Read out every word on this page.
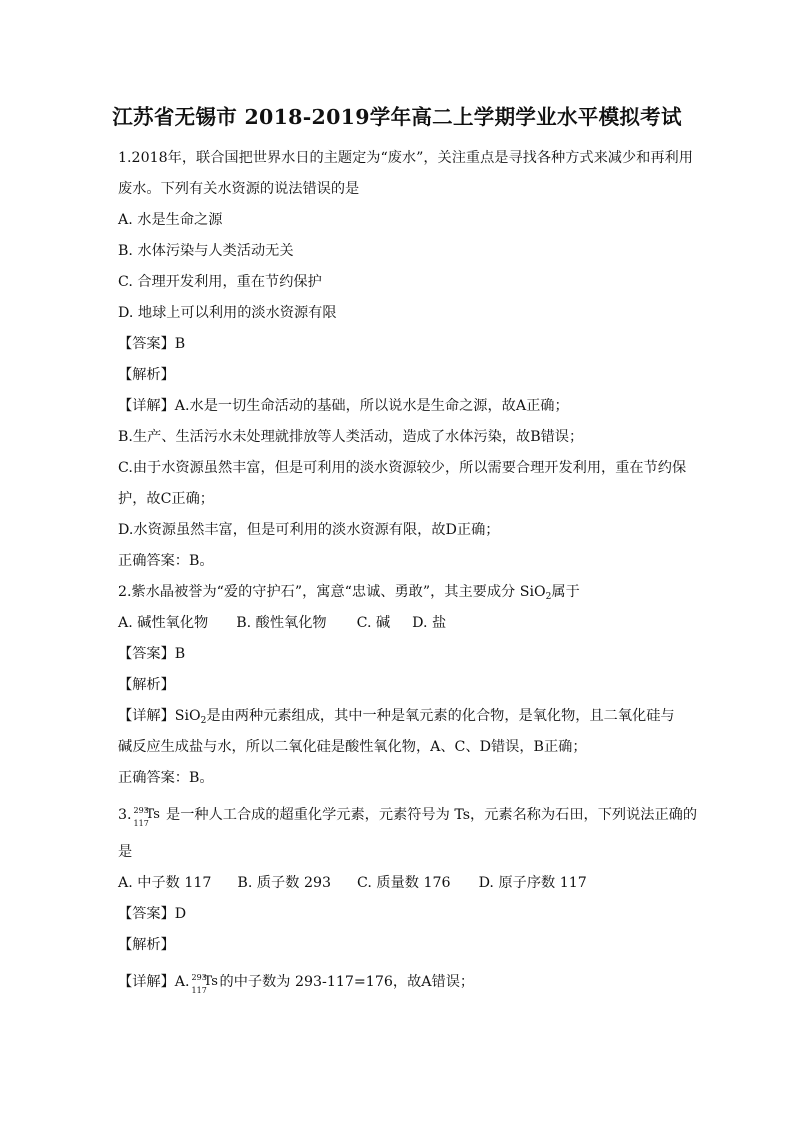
江苏省无锡市 2018-2019学年高二上学期学业水平模拟考试
1.2018年，联合国把世界水日的主题定为“废水”，关注重点是寻找各种方式来减少和再利用
废水。下列有关水资源的说法错误的是
A. 水是生命之源
B. 水体污染与人类活动无关
C. 合理开发利用，重在节约保护
D. 地球上可以利用的淡水资源有限
【答案】B
【解析】
【详解】A.水是一切生命活动的基础，所以说水是生命之源，故A正确；
B.生产、生活污水未处理就排放等人类活动，造成了水体污染，故B错误；
C.由于水资源虽然丰富，但是可利用的淡水资源较少，所以需要合理开发利用，重在节约保
护，故C正确；
D.水资源虽然丰富，但是可利用的淡水资源有限，故D正确；
正确答案：B。
2.紫水晶被誉为“爱的守护石”，寓意“忠诚、勇敢”，其主要成分 SiO$_2$属于
A. 碱性氧化物 B. 酸性氧化物 C. 碱 D. 盐
【答案】B
【解析】
【详解】SiO$_2$是由两种元素组成，其中一种是氧元素的化合物，是氧化物，且二氧化硅与
碱反应生成盐与水，所以二氧化硅是酸性氧化物，A、C、D错误，B正确；
正确答案：B。
3. 293
117
Ts 是一种人工合成的超重化学元素，元素符号为 Ts，元素名称为石田，下列说法正确的
是
A. 中子数 117 B. 质子数 293 C. 质量数 176 D. 原子序数 117
【答案】D
【解析】
【详解】A. 293
117
Ts 的中子数为 293-117=176，故A错误；
